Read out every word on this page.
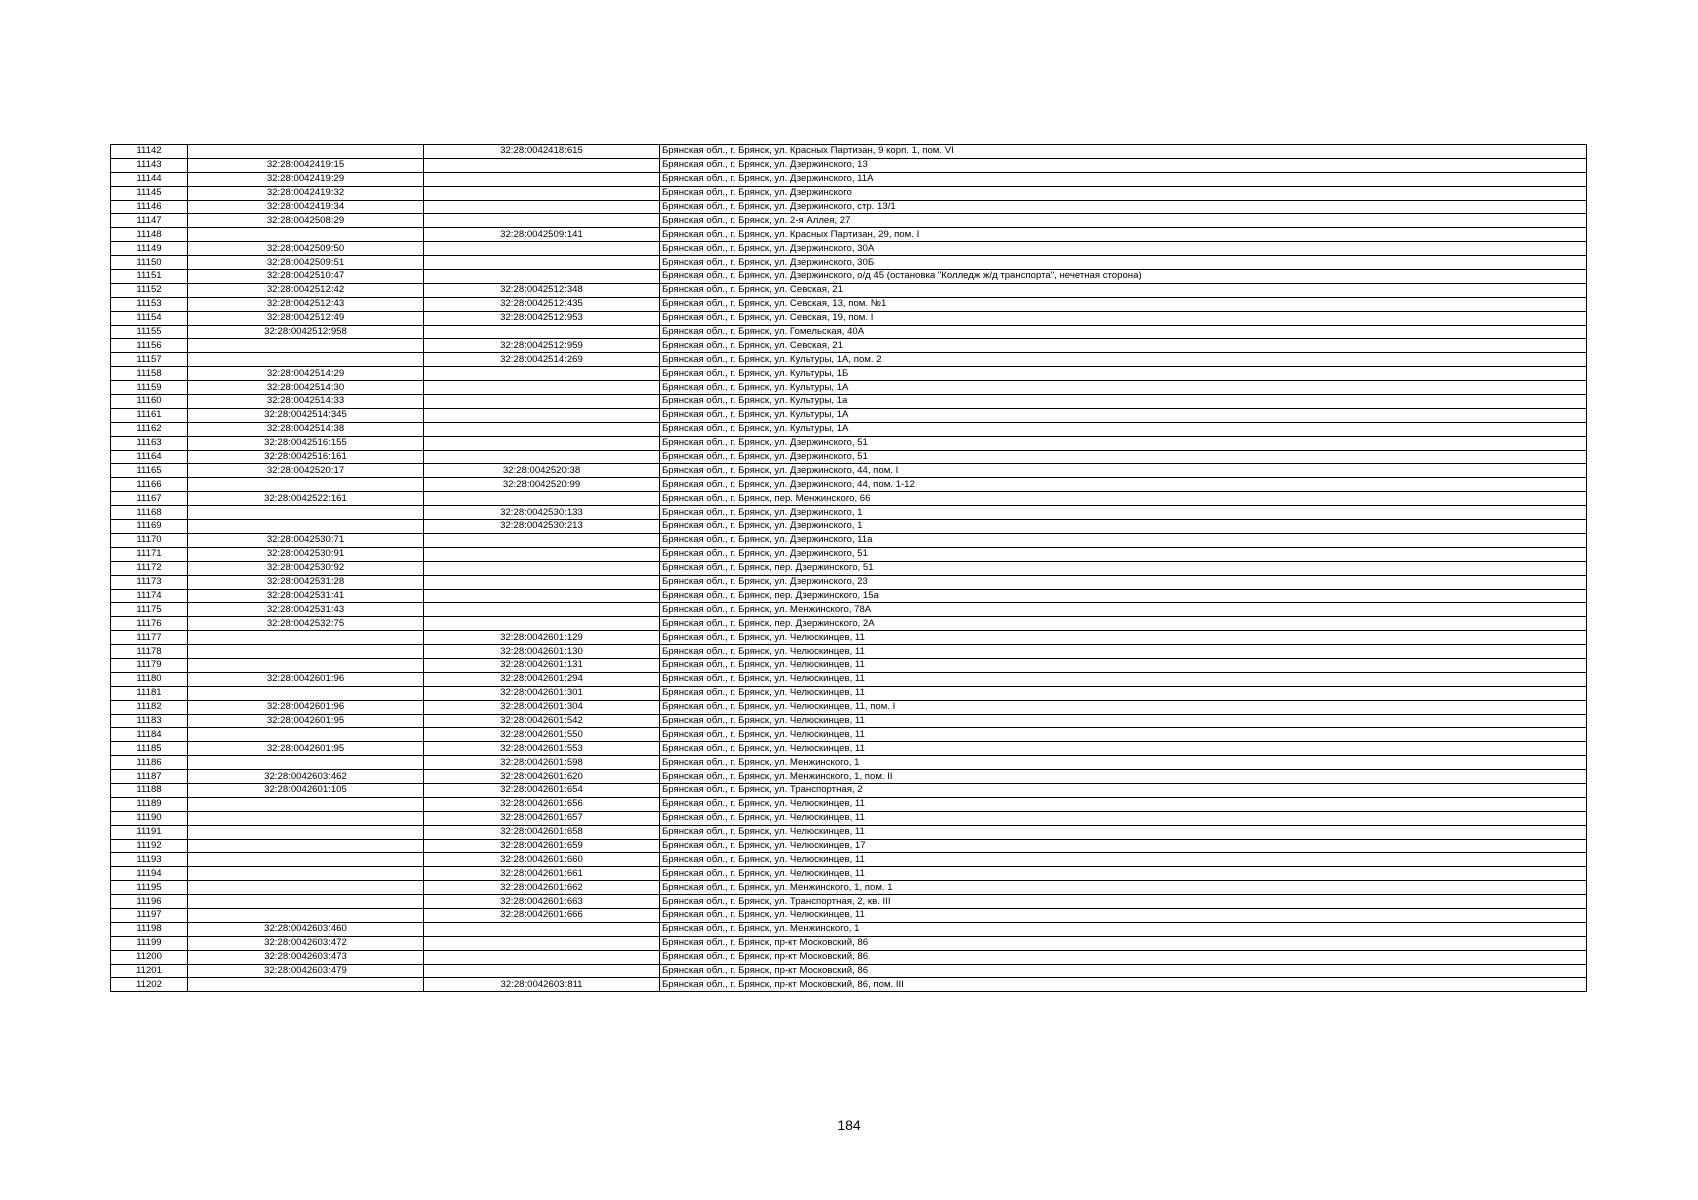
11142		32:28:0042418:615	Брянская обл., г. Брянск, ул. Красных Партизан, 9 корп. 1, пом. VI
11143	32:28:0042419:15		Брянская обл., г. Брянск, ул. Дзержинского, 13
11144	32:28:0042419:29		Брянская обл., г. Брянск, ул. Дзержинского, 11А
11145	32:28:0042419:32		Брянская обл., г. Брянск, ул. Дзержинского
11146	32:28:0042419:34		Брянская обл., г. Брянск, ул. Дзержинского, стр. 13/1
11147	32:28:0042508:29		Брянская обл., г. Брянск, ул. 2-я Аллея, 27
11148		32:28:0042509:141	Брянская обл., г. Брянск, ул. Красных Партизан, 29, пом. I
11149	32:28:0042509:50		Брянская обл., г. Брянск, ул. Дзержинского, 30А
11150	32:28:0042509:51		Брянская обл., г. Брянск, ул. Дзержинского, 30Б
11151	32:28:0042510:47		Брянская обл., г. Брянск, ул. Дзержинского, о/д 45 (остановка "Колледж ж/д транспорта", нечетная сторона)
11152	32:28:0042512:42	32:28:0042512:348	Брянская обл., г. Брянск, ул. Севская, 21
11153	32:28:0042512:43	32:28:0042512:435	Брянская обл., г. Брянск, ул. Севская, 13, пом. №1
11154	32:28:0042512:49	32:28:0042512:953	Брянская обл., г. Брянск, ул. Севская, 19, пом. I
11155	32:28:0042512:958		Брянская обл., г. Брянск, ул. Гомельская, 40А
11156		32:28:0042512:959	Брянская обл., г. Брянск, ул. Севская, 21
11157		32:28:0042514:269	Брянская обл., г. Брянск, ул. Культуры, 1А, пом. 2
11158	32:28:0042514:29		Брянская обл., г. Брянск, ул. Культуры, 1Б
11159	32:28:0042514:30		Брянская обл., г. Брянск, ул. Культуры, 1А
11160	32:28:0042514:33		Брянская обл., г. Брянск, ул. Культуры, 1а
11161	32:28:0042514:345		Брянская обл., г. Брянск, ул. Культуры, 1А
11162	32:28:0042514:38		Брянская обл., г. Брянск, ул. Культуры, 1А
11163	32:28:0042516:155		Брянская обл., г. Брянск, ул. Дзержинского, 51
11164	32:28:0042516:161		Брянская обл., г. Брянск, ул. Дзержинского, 51
11165	32:28:0042520:17	32:28:0042520:38	Брянская обл., г. Брянск, ул. Дзержинского, 44, пом. I
11166		32:28:0042520:99	Брянская обл., г. Брянск, ул. Дзержинского, 44, пом. 1-12
11167	32:28:0042522:161		Брянская обл., г. Брянск, пер. Менжинского, 66
11168		32:28:0042530:133	Брянская обл., г. Брянск, ул. Дзержинского, 1
11169		32:28:0042530:213	Брянская обл., г. Брянск, ул. Дзержинского, 1
11170	32:28:0042530:71		Брянская обл., г. Брянск, ул. Дзержинского, 11а
11171	32:28:0042530:91		Брянская обл., г. Брянск, ул. Дзержинского, 51
11172	32:28:0042530:92		Брянская обл., г. Брянск, пер. Дзержинского, 51
11173	32:28:0042531:28		Брянская обл., г. Брянск, ул. Дзержинского, 23
11174	32:28:0042531:41		Брянская обл., г. Брянск, пер. Дзержинского, 15а
11175	32:28:0042531:43		Брянская обл., г. Брянск, ул. Менжинского, 78А
11176	32:28:0042532:75		Брянская обл., г. Брянск, пер. Дзержинского, 2А
11177		32:28:0042601:129	Брянская обл., г. Брянск, ул. Челюскинцев, 11
11178		32:28:0042601:130	Брянская обл., г. Брянск, ул. Челюскинцев, 11
11179		32:28:0042601:131	Брянская обл., г. Брянск, ул. Челюскинцев, 11
11180	32:28:0042601:96	32:28:0042601:294	Брянская обл., г. Брянск, ул. Челюскинцев, 11
11181		32:28:0042601:301	Брянская обл., г. Брянск, ул. Челюскинцев, 11
11182	32:28:0042601:96	32:28:0042601:304	Брянская обл., г. Брянск, ул. Челюскинцев, 11, пом. I
11183	32:28:0042601:95	32:28:0042601:542	Брянская обл., г. Брянск, ул. Челюскинцев, 11
11184		32:28:0042601:550	Брянская обл., г. Брянск, ул. Челюскинцев, 11
11185	32:28:0042601:95	32:28:0042601:553	Брянская обл., г. Брянск, ул. Челюскинцев, 11
11186		32:28:0042601:598	Брянская обл., г. Брянск, ул. Менжинского, 1
11187	32:28:0042603:462	32:28:0042601:620	Брянская обл., г. Брянск, ул. Менжинского, 1, пом. II
11188	32:28:0042601:105	32:28:0042601:654	Брянская обл., г. Брянск, ул. Транспортная, 2
11189		32:28:0042601:656	Брянская обл., г. Брянск, ул. Челюскинцев, 11
11190		32:28:0042601:657	Брянская обл., г. Брянск, ул. Челюскинцев, 11
11191		32:28:0042601:658	Брянская обл., г. Брянск, ул. Челюскинцев, 11
11192		32:28:0042601:659	Брянская обл., г. Брянск, ул. Челюскинцев, 17
11193		32:28:0042601:660	Брянская обл., г. Брянск, ул. Челюскинцев, 11
11194		32:28:0042601:661	Брянская обл., г. Брянск, ул. Челюскинцев, 11
11195		32:28:0042601:662	Брянская обл., г. Брянск, ул. Менжинского, 1, пом. 1
11196		32:28:0042601:663	Брянская обл., г. Брянск, ул. Транспортная, 2, кв. III
11197		32:28:0042601:666	Брянская обл., г. Брянск, ул. Челюскинцев, 11
11198	32:28:0042603:460		Брянская обл., г. Брянск, ул. Менжинского, 1
11199	32:28:0042603:472		Брянская обл., г. Брянск, пр-кт Московский, 86
11200	32:28:0042603:473		Брянская обл., г. Брянск, пр-кт Московский, 86
11201	32:28:0042603:479		Брянская обл., г. Брянск, пр-кт Московский, 86
11202		32:28:0042603:811	Брянская обл., г. Брянск, пр-кт Московский, 86, пом. III
184
